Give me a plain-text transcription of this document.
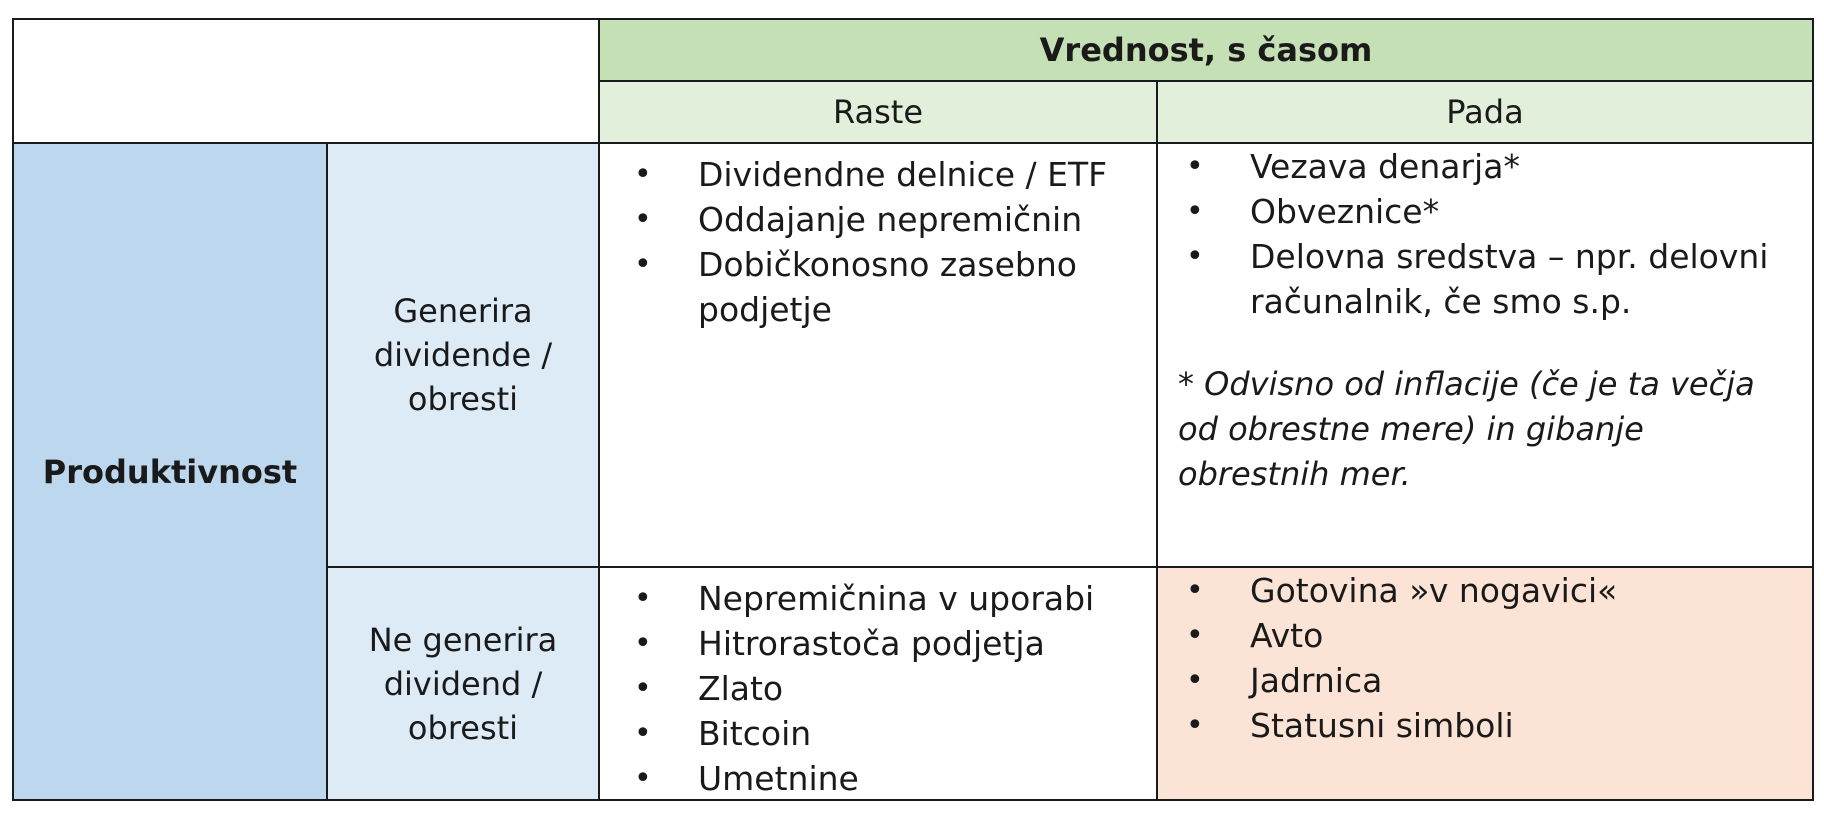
Vrednost, s časom
Raste	Pada
Produktivnost
Generira dividende / obresti
Ne generira dividend / obresti
• Dividendne delnice / ETF
• Oddajanje nepremičnin
• Dobičkonosno zasebno podjetje
• Vezava denarja*
• Obveznice*
• Delovna sredstva – npr. delovni računalnik, če smo s.p.
* Odvisno od inflacije (če je ta večja od obrestne mere) in gibanje obrestnih mer.
• Nepremičnina v uporabi
• Hitrorastoča podjetja
• Zlato
• Bitcoin
• Umetnine
• Gotovina »v nogavici«
• Avto
• Jadrnica
• Statusni simboli
